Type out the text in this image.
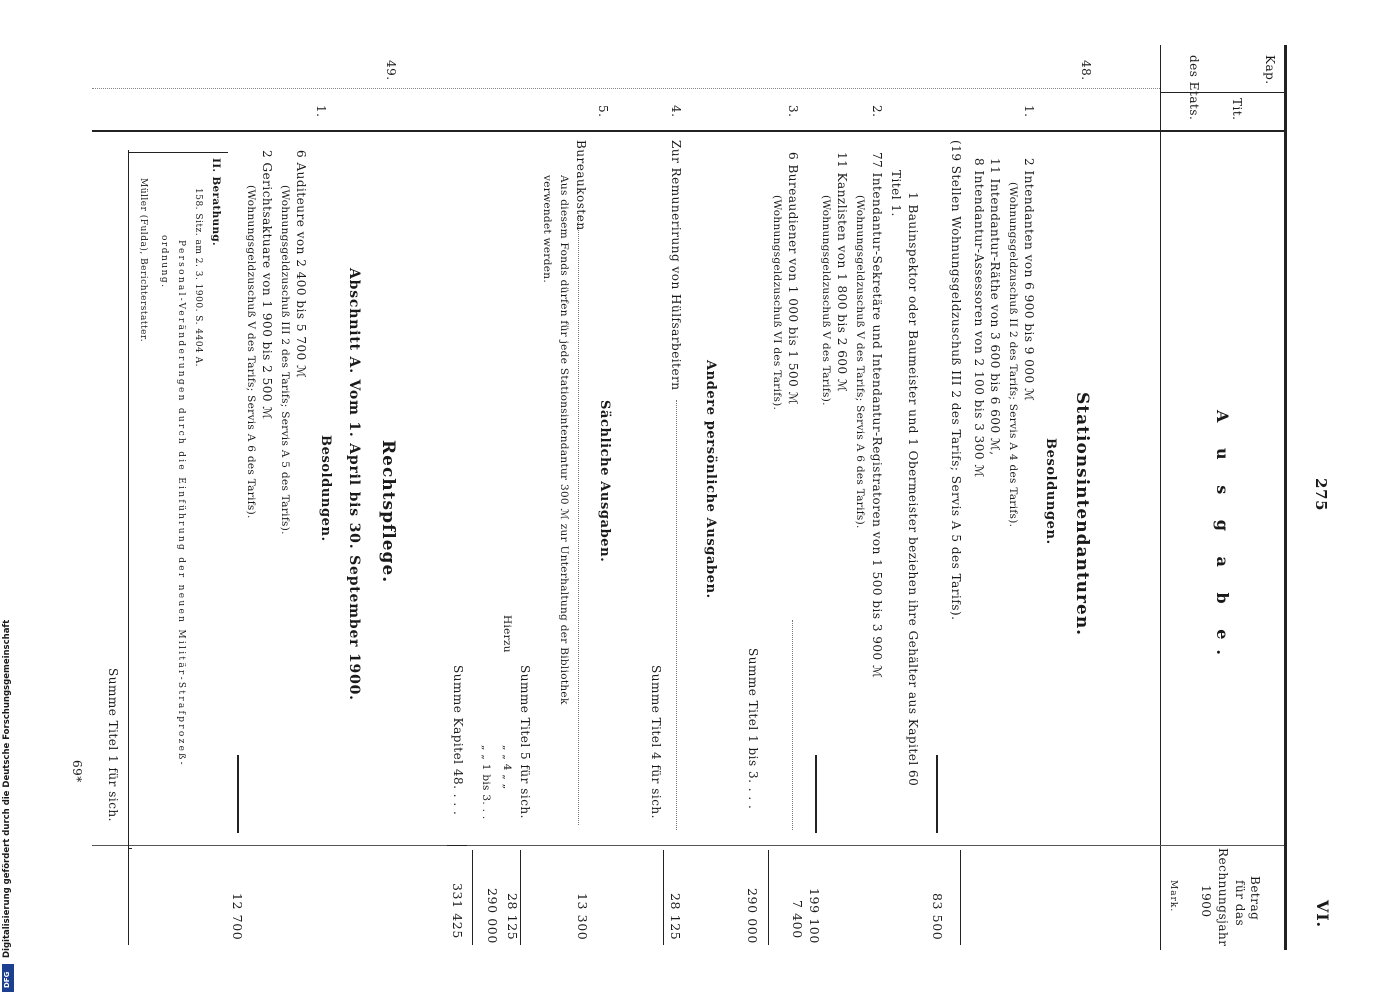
275
VI.
Kap.
Tit.
des Etats.
A u s g a b e.
Betrag
für das
Rechnungsjahr
1900
Mark.
48.
Stationsintendanturen.
Besoldungen.
1.
2 Intendanten von 6 900 bis 9 000 ℳ
(Wohnungsgeldzuschuß II 2 des Tarifs; Servis A 4 des Tarifs).
11 Intendantur-Räthe von 3 600 bis 6 600 ℳ,
8 Intendantur-Assessoren von 2 100 bis 3 300 ℳ
(19 Stellen Wohnungsgeldzuschuß III 2 des Tarifs; Servis A 5 des Tarifs).
1 Bauinspektor oder Baumeister und 1 Obermeister beziehen ihre Gehälter aus Kapitel 60
Titel 1.
83 500
2.
77 Intendantur-Sekretäre und Intendantur-Registratoren von 1 500 bis 3 900 ℳ
(Wohnungsgeldzuschuß V des Tarifs; Servis A 6 des Tarifs).
11 Kanzlisten von 1 800 bis 2 600 ℳ
(Wohnungsgeldzuschuß V des Tarifs).
199 100
3.
6 Bureaudiener von 1 000 bis 1 500 ℳ
(Wohnungsgeldzuschuß VI des Tarifs).
7 400
Summe Titel 1 bis 3. . . .
290 000
Andere persönliche Ausgaben.
4.
Zur Remunerirung von Hülfsarbeitern
Summe Titel 4 für sich.
28 125
Sächliche Ausgaben.
5.
Bureaukosten
Aus diesem Fonds dürfen für jede Stationsintendantur 300 ℳ zur Unterhaltung der Bibliothek
verwendet werden.
13 300
Summe Titel 5 für sich.
28 125
Hierzu
„ „ 4 „ „
„ „ 1 bis 3. . .
290 000
Summe Kapitel 48. . . .
331 425
49.
Rechtspflege.
Abschnitt A. Vom 1. April bis 30. September 1900.
Besoldungen.
1.
6 Auditeure von 2 400 bis 5 700 ℳ
(Wohnungsgeldzuschuß III 2 des Tarifs; Servis A 5 des Tarifs).
2 Gerichtsaktuare von 1 900 bis 2 500 ℳ
(Wohnungsgeldzuschuß V des Tarifs; Servis A 6 des Tarifs).
12 700
II. Berathung.
158. Sitz. am 2. 3. 1900. S. 4404 A.
Personal-Veränderungen durch die Einführung der neuen Militär-Strafprozeß-
ordnung.
Müller (Fulda), Berichterstatter.
Summe Titel 1 für sich.
69*
Digitalisierung gefördert durch die Deutsche Forschungsgemeinschaft
DFG
